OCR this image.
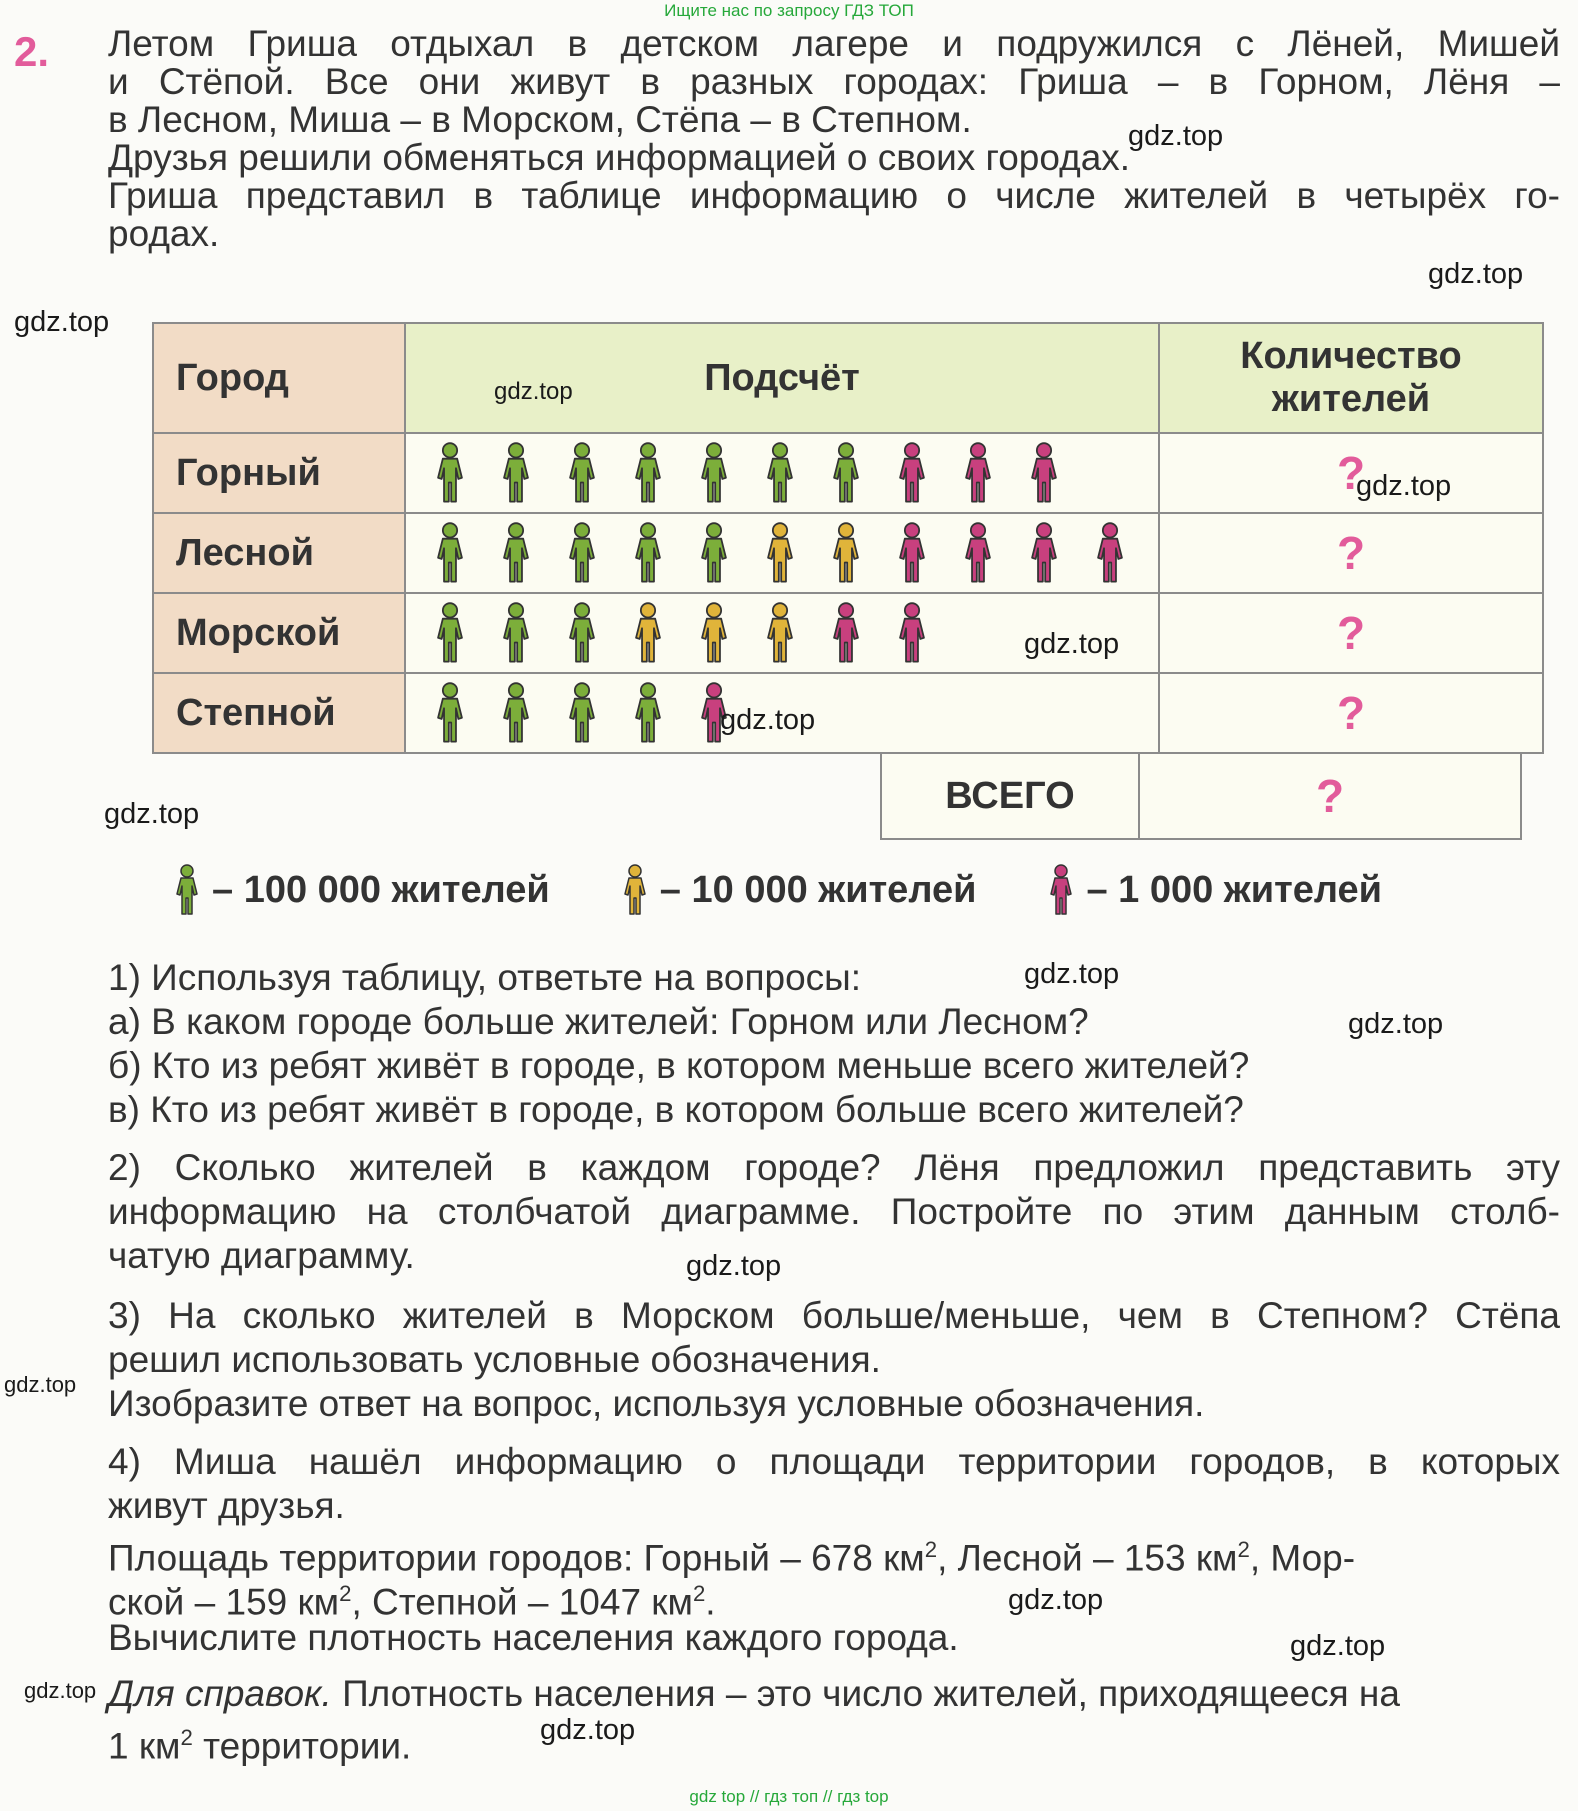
Ищите нас по запросу ГДЗ ТОП
2. Летом Гриша отдыхал в детском лагере и подружился с Лёней, Мишей

и Стёпой. Все они живут в разных городах: Гриша – в Горном, Лёня –

в Лесном, Миша – в Морском, Стёпа – в Степном.

Друзья решили обменяться информацией о своих городах.

Гриша представил в таблице информацию о числе жителей в четырёх го-

родах.

Город	Подсчёт	Количество жителей
Горный		?
Лесной		?
Морской		?
Степной		?
ВСЕГО	?
– 100 000 жителей	– 10 000 жителей	– 1 000 жителей

1) Используя таблицу, ответьте на вопросы:

а) В каком городе больше жителей: Горном или Лесном?

б) Кто из ребят живёт в городе, в котором меньше всего жителей?

в) Кто из ребят живёт в городе, в котором больше всего жителей?

2) Сколько жителей в каждом городе? Лёня предложил представить эту

информацию на столбчатой диаграмме. Постройте по этим данным столб-

чатую диаграмму.

3) На сколько жителей в Морском больше/меньше, чем в Степном? Стёпа

решил использовать условные обозначения.

Изобразите ответ на вопрос, используя условные обозначения.

4) Миша нашёл информацию о площади территории городов, в которых

живут друзья.

Площадь территории городов: Горный – 678 $км^2$, Лесной – 153 $км^2$, Мор-

ской – 159 $км^2$, Степной – 1047 $км^2$.

Вычислите плотность населения каждого города.

Для справок. Плотность населения – это число жителей, приходящееся на

1 $км^2$ территории.

gdz.top
gdz.top
gdz.top
gdz.top
gdz.top
gdz.top
gdz.top
gdz.top
gdz.top
gdz.top
gdz.top
gdz.top
gdz.top
gdz.top
gdz.top
gdz.top
gdz top // гдз топ // гдз top
